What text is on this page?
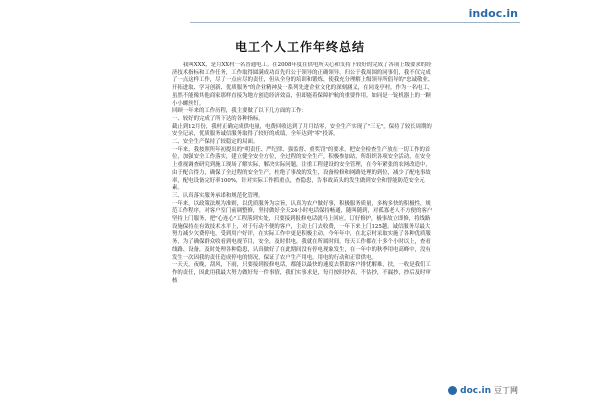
indoc.in
电工个人工作年终总结

我叫XXX，是月XX村一名普通电工。在2008年度在供电所关心和支持下较好的完成了各项上级要求的经济技术指标和工作任务，工作取得圆满成功首先归公于领导的正确领导，归公于我周围的同事们，我不仅完成了一点这样工作，尽了一点应尽的责任，但从全身的培训和锻炼，使我充分理解上级领导所倡导的"忠诚敬业、开拓进取、学习创新、优质服务"的企业精神及一系列先进企业文化的深刻涵义，在同龙亭村，作为一名电工，虽然不能像其他商家那样直接为地方创造经济效益，但却能着保障护航的重要作用，如同是一锭机器上的一颗小小螺丝钉。

回顾一年来的工作历程，我主要做了以下几方面的工作：

一、较好的完成了所下达的各种指标。

截止到12月份，我村正确完成供电量，电费回收达到了月月结零，安全生产实现了"三无"，保持了较长周期的安全记录，优质服务诚信服务取得了较好的成绩，全年达到"零"投诉。

二、安全生产保持了较稳定的局面。

一年来，我按照所年初提出的"明责任、严纪律、强监督、重奖罚"的要求，把安全检查生产放在一切工作的首位，加强安全工作落实，建立健全安全方位，全过程的安全生产，积极参加站，所组织各项安全活动，在安全上重视调查研究到施工现场了解实际，解决实际问题，注重工程建设的安全管理，在今年紧张的农网改造中，由于配合得力，确保了全过程的安全生产，杜绝了事故的发生，设备检修和网路处理的到位，减少了配电事故率，配电设备完好率100%，针对实际工作抓重点，查隐患，告事故苗头的发生做到安全和智能防范安全元素。

三、认真落实服务承诺和规范化管理。

一年来，以政策法规为准则，以优质服务为宗旨，认真为农户做好事，积极服务质量，多构多快的积极性，规范工作程序，对客户室门前调整修，坚持做好全天24小时电话保持畅通，随叫随到，对孤寡老人不方便的客户坚持上门服务，把"心连心"工程落到实处，只要接到报修电话就马上回应，订好修护，极事故立即修，将线路设施保持在有效技术水平上，对于行动不便的客户，主动上门去收费，一年下来上门125趟。诚信服务尽最大努力减少欠费停电，受到用户好评，在实际工作中更是积极主动，今年年中，在北京村采取实施了各种优质服务，为了确保群众收看到电视节目，安全，及时供电，我就在所属时间，每天工作都在十多个小时以上，查看线路、设备，及时处理各种隐患，认真做好了在此期间没有停电现象发生，在一年中的秋季用电高峰中，没有发生一次因我的责任造成停电的情况，保证了农户生产用电，用电的行动和正常供电。

一天天，夜晚，刮风，下雨，只要接到报修电话，都能以最快的速度去帮助客户排忧解难，扶，一收是我们工作的责任，因此用我最大努力做好每一件事情，我们实事求是，每月按时抄表，不估抄，不漏抄，抄后及时审核

doc.in 豆丁网
